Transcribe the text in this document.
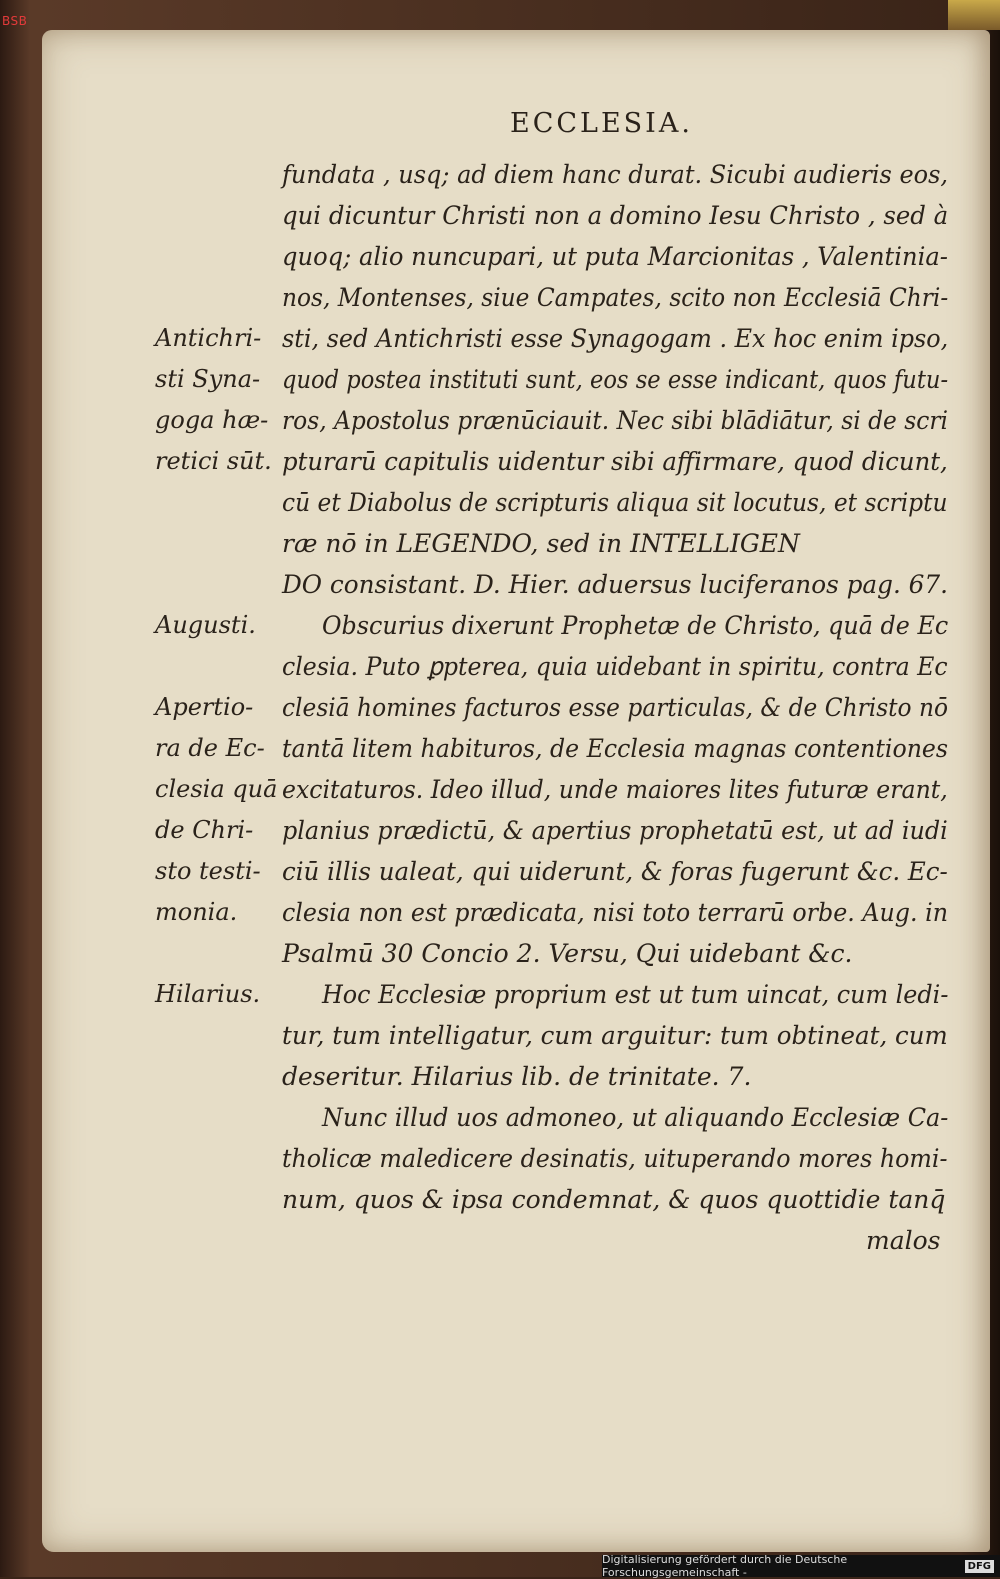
BSB
ECCLESIA.
fundata , usq; ad diem hanc durat. Sicubi audieris eos,
qui dicuntur Christi non a domino Iesu Christo , sed à
quoq; alio nuncupari, ut puta Marcionitas , Valentinia-
nos, Montenses, siue Campates, scito non Ecclesiā Chri-
sti, sed Antichristi esse Synagogam . Ex hoc enim ipso,
quod postea instituti sunt, eos se esse indicant, quos futu-
ros, Apostolus prænūciauit. Nec sibi blādiātur, si de scri
pturarū capitulis uidentur sibi affirmare, quod dicunt,
cū et Diabolus de scripturis aliqua sit locutus, et scriptu
ræ nō in LEGENDO, sed in INTELLIGEN
DO consistant. D. Hier. aduersus luciferanos pag. 67.
Obscurius dixerunt Prophetæ de Christo, quā de Ec
clesia. Puto ꝑpterea, quia uidebant in spiritu, contra Ec
clesiā homines facturos esse particulas, & de Christo nō
tantā litem habituros, de Ecclesia magnas contentiones
excitaturos. Ideo illud, unde maiores lites futuræ erant,
planius prædictū, & apertius prophetatū est, ut ad iudi
ciū illis ualeat, qui uiderunt, & foras fugerunt &c. Ec-
clesia non est prædicata, nisi toto terrarū orbe. Aug. in
Psalmū 30 Concio 2. Versu, Qui uidebant &c.
Hoc Ecclesiæ proprium est ut tum uincat, cum ledi-
tur, tum intelligatur, cum arguitur: tum obtineat, cum
deseritur. Hilarius lib. de trinitate. 7.
Nunc illud uos admoneo, ut aliquando Ecclesiæ Ca-
tholicæ maledicere desinatis, uituperando mores homi-
num, quos & ipsa condemnat, & quos quottidie tanq̄
malos
Antichri-
sti Syna-
goga hæ-
retici sūt.
Augusti.
Apertio-
ra de Ec-
clesia quā
de Chri-
sto testi-
monia.
Hilarius.
Digitalisierung gefördert durch die Deutsche Forschungsgemeinschaft -	DFG
